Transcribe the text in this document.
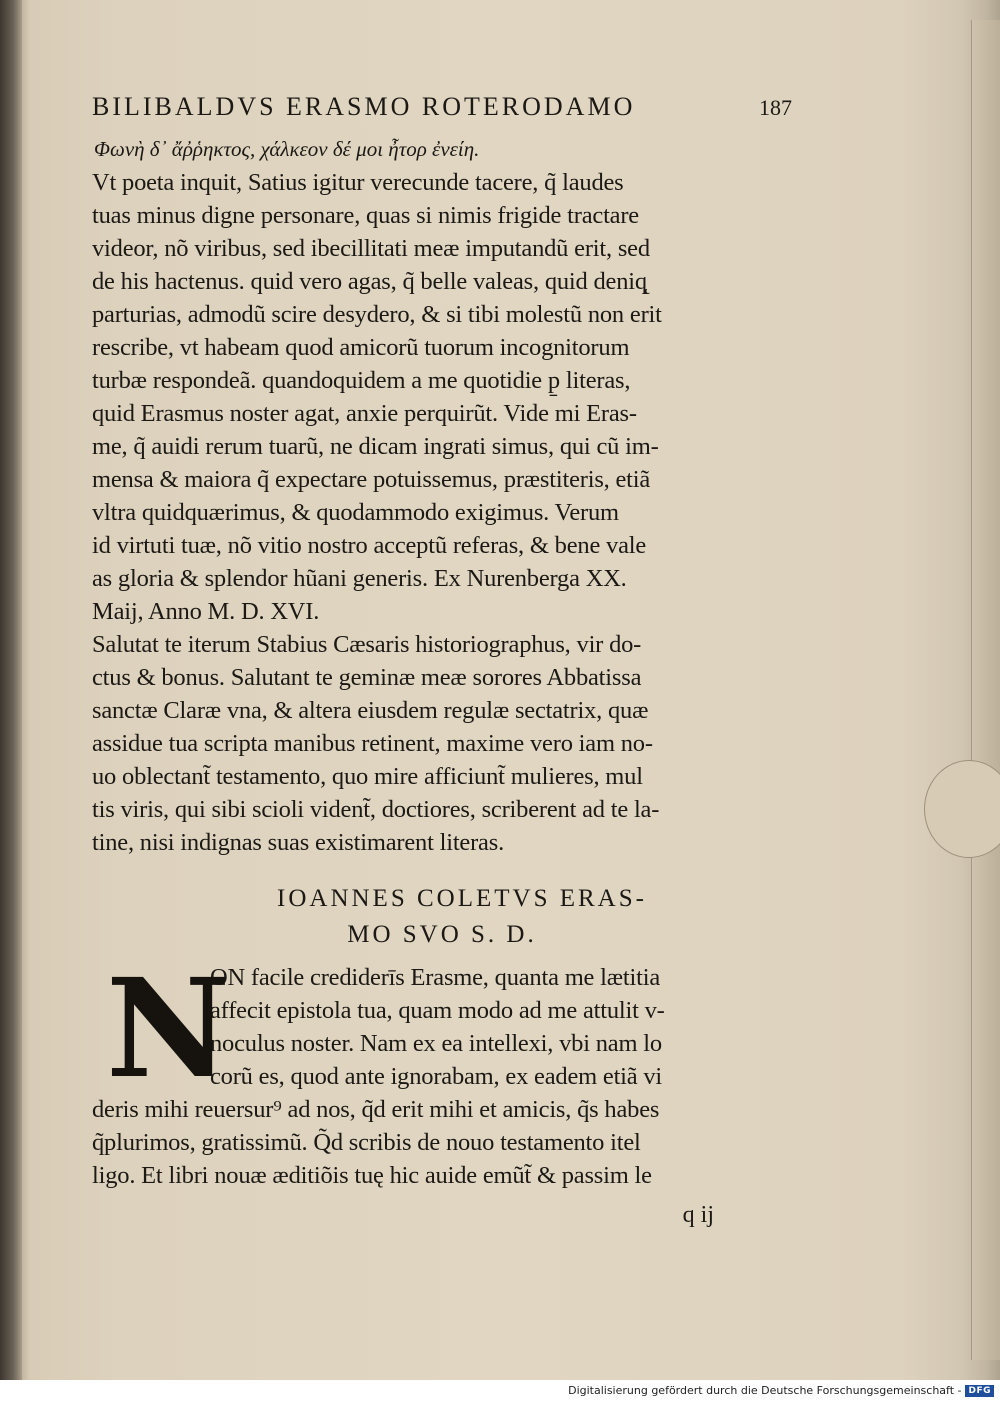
BILIBALDVS ERASMO ROTERODAMO	187
Φωνὴ δ᾽ ἄῤῥηκτος, χάλκεον δέ μοι ἦτορ ἐνείη.
Vt poeta inquit, Satius igitur verecunde tacere, q̃ laudes
tuas minus digne personare, quas si nimis frigide tractare
videor, nõ viribus, sed ibecillitati meæ imputandũ erit, sed
de his hactenus. quid vero agas, q̃ belle valeas, quid deniq̨
parturias, admodũ scire desydero, & si tibi molestũ non erit
rescribe, vt habeam quod amicorũ tuorum incognitorum
turbæ respondeã. quandoquidem a me quotidie p̱ literas,
quid Erasmus noster agat, anxie perquirũt. Vide mi Eras-
me, q̃ auidi rerum tuarũ, ne dicam ingrati simus, qui cũ im-
mensa & maiora q̃ expectare potuissemus, præstiteris, etiã
vltra quidquærimus, & quodammodo exigimus. Verum
id virtuti tuæ, nõ vitio nostro acceptũ referas, & bene vale
as gloria & splendor hũani generis. Ex Nurenberga XX.
Maij, Anno M. D. XVI.
Salutat te iterum Stabius Cæsaris historiographus, vir do-
ctus & bonus. Salutant te geminæ meæ sorores Abbatissa
sanctæ Claræ vna, & altera eiusdem regulæ sectatrix, quæ
assidue tua scripta manibus retinent, maxime vero iam no-
uo oblectant̃ testamento, quo mire afficiunt̃ mulieres, mul
tis viris, qui sibi scioli vident̃, doctiores, scriberent ad te la-
tine, nisi indignas suas existimarent literas.
IOANNES COLETVS ERAS-
MO SVO S. D.
N
ON facile crediderīs Erasme, quanta me lætitia
affecit epistola tua, quam modo ad me attulit v-
noculus noster. Nam ex ea intellexi, vbi nam lo
corũ es, quod ante ignorabam, ex eadem etiã vi
deris mihi reuersur⁹ ad nos, q̃d erit mihi et amicis, q̃s habes
q̃plurimos, gratissimũ. Q̃d scribis de nouo testamento itel
ligo. Et libri nouæ æditiõis tuę hic auide emũt̃ & passim le
q ij
Digitalisierung gefördert durch die Deutsche Forschungsgemeinschaft - DFG
